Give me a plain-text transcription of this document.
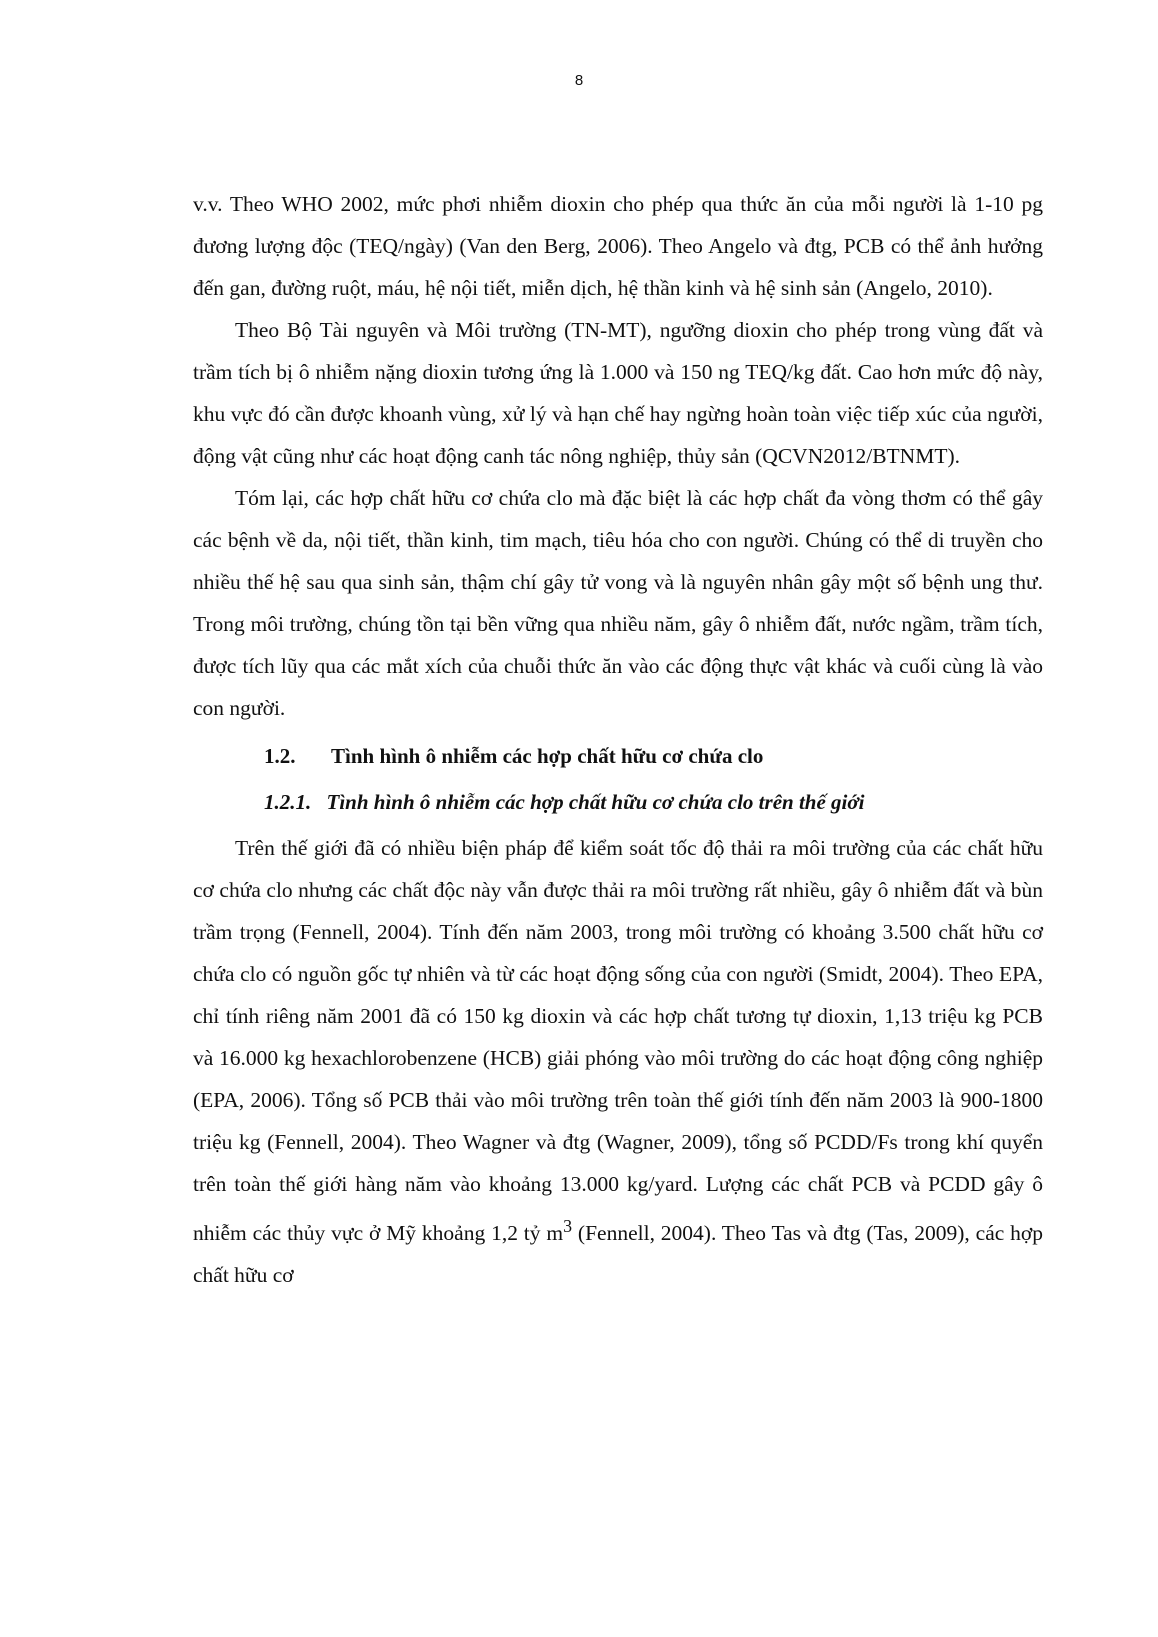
8

v.v. Theo WHO 2002, mức phơi nhiễm dioxin cho phép qua thức ăn của mỗi người là 1-10 pg đương lượng độc (TEQ/ngày) (Van den Berg, 2006). Theo Angelo và đtg, PCB có thể ảnh hưởng đến gan, đường ruột, máu, hệ nội tiết, miễn dịch, hệ thần kinh và hệ sinh sản (Angelo, 2010).

Theo Bộ Tài nguyên và Môi trường (TN-MT), ngưỡng dioxin cho phép trong vùng đất và trầm tích bị ô nhiễm nặng dioxin tương ứng là 1.000 và 150 ng TEQ/kg đất. Cao hơn mức độ này, khu vực đó cần được khoanh vùng, xử lý và hạn chế hay ngừng hoàn toàn việc tiếp xúc của người, động vật cũng như các hoạt động canh tác nông nghiệp, thủy sản (QCVN2012/BTNMT).

Tóm lại, các hợp chất hữu cơ chứa clo mà đặc biệt là các hợp chất đa vòng thơm có thể gây các bệnh về da, nội tiết, thần kinh, tim mạch, tiêu hóa cho con người. Chúng có thể di truyền cho nhiều thế hệ sau qua sinh sản, thậm chí gây tử vong và là nguyên nhân gây một số bệnh ung thư. Trong môi trường, chúng tồn tại bền vững qua nhiều năm, gây ô nhiễm đất, nước ngầm, trầm tích, được tích lũy qua các mắt xích của chuỗi thức ăn vào các động thực vật khác và cuối cùng là vào con người.

1.2.	Tình hình ô nhiễm các hợp chất hữu cơ chứa clo
1.2.1. Tình hình ô nhiễm các hợp chất hữu cơ chứa clo trên thế giới

Trên thế giới đã có nhiều biện pháp để kiểm soát tốc độ thải ra môi trường của các chất hữu cơ chứa clo nhưng các chất độc này vẫn được thải ra môi trường rất nhiều, gây ô nhiễm đất và bùn trầm trọng (Fennell, 2004). Tính đến năm 2003, trong môi trường có khoảng 3.500 chất hữu cơ chứa clo có nguồn gốc tự nhiên và từ các hoạt động sống của con người (Smidt, 2004). Theo EPA, chỉ tính riêng năm 2001 đã có 150 kg dioxin và các hợp chất tương tự dioxin, 1,13 triệu kg PCB và 16.000 kg hexachlorobenzene (HCB) giải phóng vào môi trường do các hoạt động công nghiệp (EPA, 2006). Tổng số PCB thải vào môi trường trên toàn thế giới tính đến năm 2003 là 900-1800 triệu kg (Fennell, 2004). Theo Wagner và đtg (Wagner, 2009), tổng số PCDD/Fs trong khí quyển trên toàn thế giới hàng năm vào khoảng 13.000 kg/yard. Lượng các chất PCB và PCDD gây ô nhiễm các thủy vực ở Mỹ khoảng 1,2 tỷ $m^3$ (Fennell, 2004). Theo Tas và đtg (Tas, 2009), các hợp chất hữu cơ
